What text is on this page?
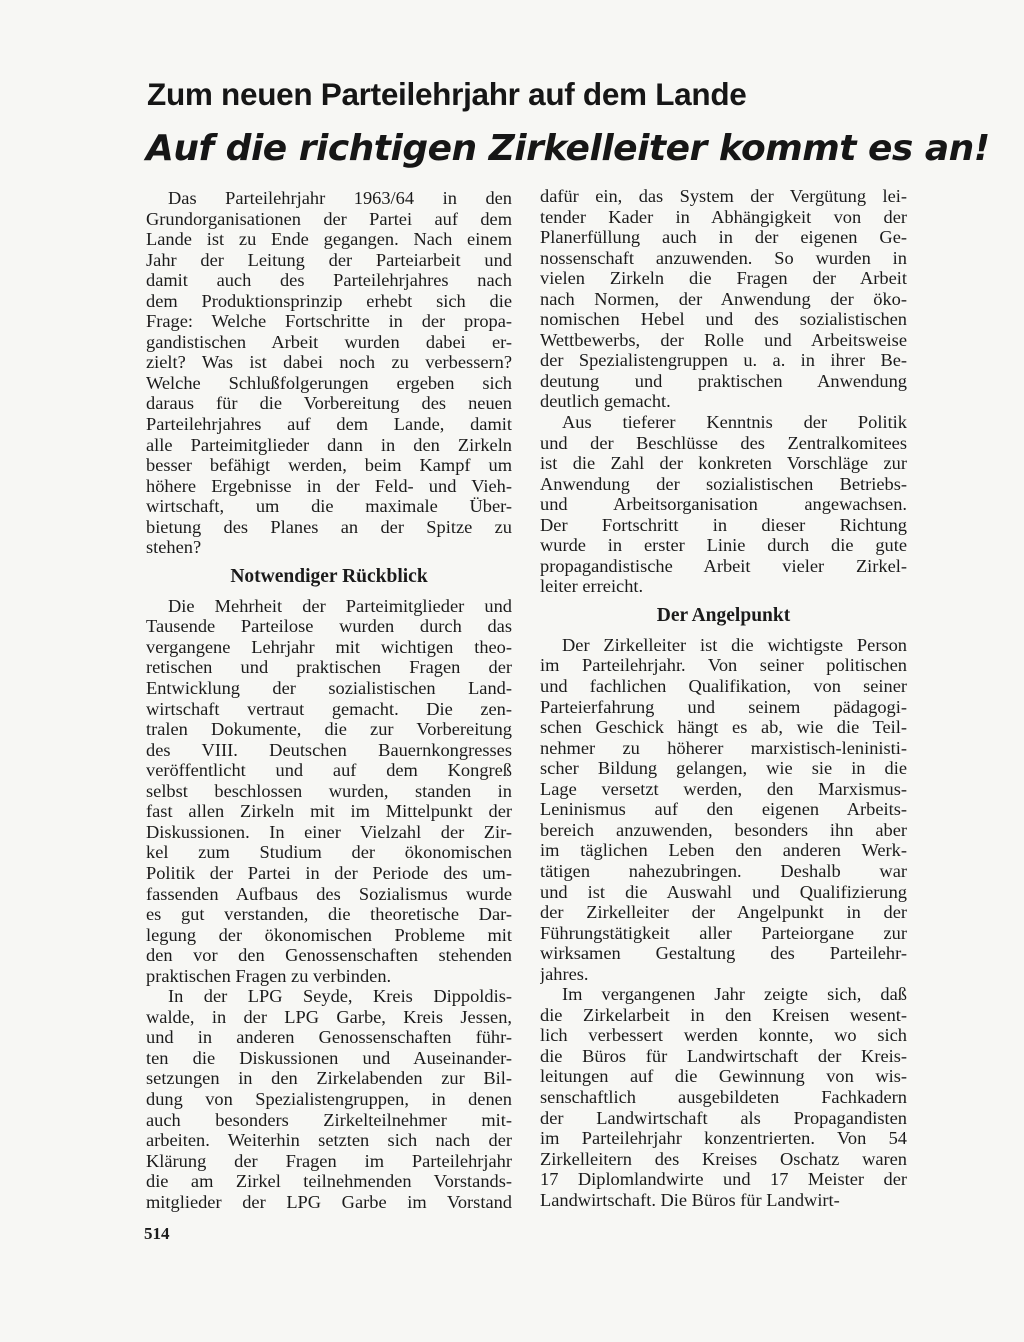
Zum neuen Parteilehrjahr auf dem Lande
Auf die richtigen Zirkelleiter kommt es an!
Das Parteilehrjahr 1963/64 in den
Grundorganisationen der Partei auf dem
Lande ist zu Ende gegangen. Nach einem
Jahr der Leitung der Parteiarbeit und
damit auch des Parteilehrjahres nach
dem Produktionsprinzip erhebt sich die
Frage: Welche Fortschritte in der propa-
gandistischen Arbeit wurden dabei er-
zielt? Was ist dabei noch zu verbessern?
Welche Schlußfolgerungen ergeben sich
daraus für die Vorbereitung des neuen
Parteilehrjahres auf dem Lande, damit
alle Parteimitglieder dann in den Zirkeln
besser befähigt werden, beim Kampf um
höhere Ergebnisse in der Feld- und Vieh-
wirtschaft, um die maximale Über-
bietung des Planes an der Spitze zu
stehen?
Notwendiger Rückblick
Die Mehrheit der Parteimitglieder und
Tausende Parteilose wurden durch das
vergangene Lehrjahr mit wichtigen theo-
retischen und praktischen Fragen der
Entwicklung der sozialistischen Land-
wirtschaft vertraut gemacht. Die zen-
tralen Dokumente, die zur Vorbereitung
des VIII. Deutschen Bauernkongresses
veröffentlicht und auf dem Kongreß
selbst beschlossen wurden, standen in
fast allen Zirkeln mit im Mittelpunkt der
Diskussionen. In einer Vielzahl der Zir-
kel zum Studium der ökonomischen
Politik der Partei in der Periode des um-
fassenden Aufbaus des Sozialismus wurde
es gut verstanden, die theoretische Dar-
legung der ökonomischen Probleme mit
den vor den Genossenschaften stehenden
praktischen Fragen zu verbinden.
In der LPG Seyde, Kreis Dippoldis-
walde, in der LPG Garbe, Kreis Jessen,
und in anderen Genossenschaften führ-
ten die Diskussionen und Auseinander-
setzungen in den Zirkelabenden zur Bil-
dung von Spezialistengruppen, in denen
auch besonders Zirkelteilnehmer mit-
arbeiten. Weiterhin setzten sich nach der
Klärung der Fragen im Parteilehrjahr
die am Zirkel teilnehmenden Vorstands-
mitglieder der LPG Garbe im Vorstand
dafür ein, das System der Vergütung lei-
tender Kader in Abhängigkeit von der
Planerfüllung auch in der eigenen Ge-
nossenschaft anzuwenden. So wurden in
vielen Zirkeln die Fragen der Arbeit
nach Normen, der Anwendung der öko-
nomischen Hebel und des sozialistischen
Wettbewerbs, der Rolle und Arbeitsweise
der Spezialistengruppen u. a. in ihrer Be-
deutung und praktischen Anwendung
deutlich gemacht.
Aus tieferer Kenntnis der Politik
und der Beschlüsse des Zentralkomitees
ist die Zahl der konkreten Vorschläge zur
Anwendung der sozialistischen Betriebs-
und Arbeitsorganisation angewachsen.
Der Fortschritt in dieser Richtung
wurde in erster Linie durch die gute
propagandistische Arbeit vieler Zirkel-
leiter erreicht.
Der Angelpunkt
Der Zirkelleiter ist die wichtigste Person
im Parteilehrjahr. Von seiner politischen
und fachlichen Qualifikation, von seiner
Parteierfahrung und seinem pädagogi-
schen Geschick hängt es ab, wie die Teil-
nehmer zu höherer marxistisch-leninisti-
scher Bildung gelangen, wie sie in die
Lage versetzt werden, den Marxismus-
Leninismus auf den eigenen Arbeits-
bereich anzuwenden, besonders ihn aber
im täglichen Leben den anderen Werk-
tätigen nahezubringen. Deshalb war
und ist die Auswahl und Qualifizierung
der Zirkelleiter der Angelpunkt in der
Führungstätigkeit aller Parteiorgane zur
wirksamen Gestaltung des Parteilehr-
jahres.
Im vergangenen Jahr zeigte sich, daß
die Zirkelarbeit in den Kreisen wesent-
lich verbessert werden konnte, wo sich
die Büros für Landwirtschaft der Kreis-
leitungen auf die Gewinnung von wis-
senschaftlich ausgebildeten Fachkadern
der Landwirtschaft als Propagandisten
im Parteilehrjahr konzentrierten. Von 54
Zirkelleitern des Kreises Oschatz waren
17 Diplomlandwirte und 17 Meister der
Landwirtschaft. Die Büros für Landwirt-
514
